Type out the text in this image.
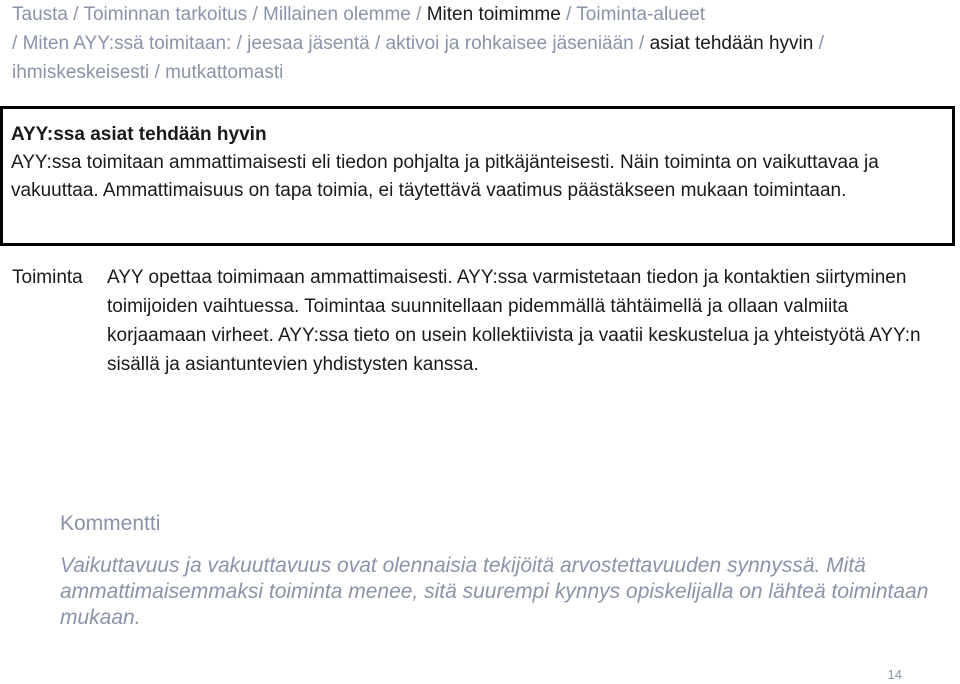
Tausta / Toiminnan tarkoitus / Millainen olemme / Miten toimimme / Toiminta-alueet
/ Miten AYY:ssä toimitaan: / jeesaa jäsentä / aktivoi ja rohkaisee jäseniään / asiat tehdään hyvin /
ihmiskeskeisesti / mutkattomasti
AYY:ssa asiat tehdään hyvin
AYY:ssa toimitaan ammattimaisesti eli tiedon pohjalta ja pitkäjänteisesti. Näin toiminta on vaikuttavaa ja vakuuttaa. Ammattimaisuus on tapa toimia, ei täytettävä vaatimus päästäkseen mukaan toimintaan.
Toiminta AYY opettaa toimimaan ammattimaisesti. AYY:ssa varmistetaan tiedon ja kontaktien siirtyminen toimijoiden vaihtuessa. Toimintaa suunnitellaan pidemmällä tähtäimellä ja ollaan valmiita korjaamaan virheet. AYY:ssa tieto on usein kollektiivista ja vaatii keskustelua ja yhteistyötä AYY:n sisällä ja asiantuntevien yhdistysten kanssa.
Kommentti
Vaikuttavuus ja vakuuttavuus ovat olennaisia tekijöitä arvostettavuuden synnyssä. Mitä ammattimaisemmaksi toiminta menee, sitä suurempi kynnys opiskelijalla on lähteä toimintaan mukaan.
14
